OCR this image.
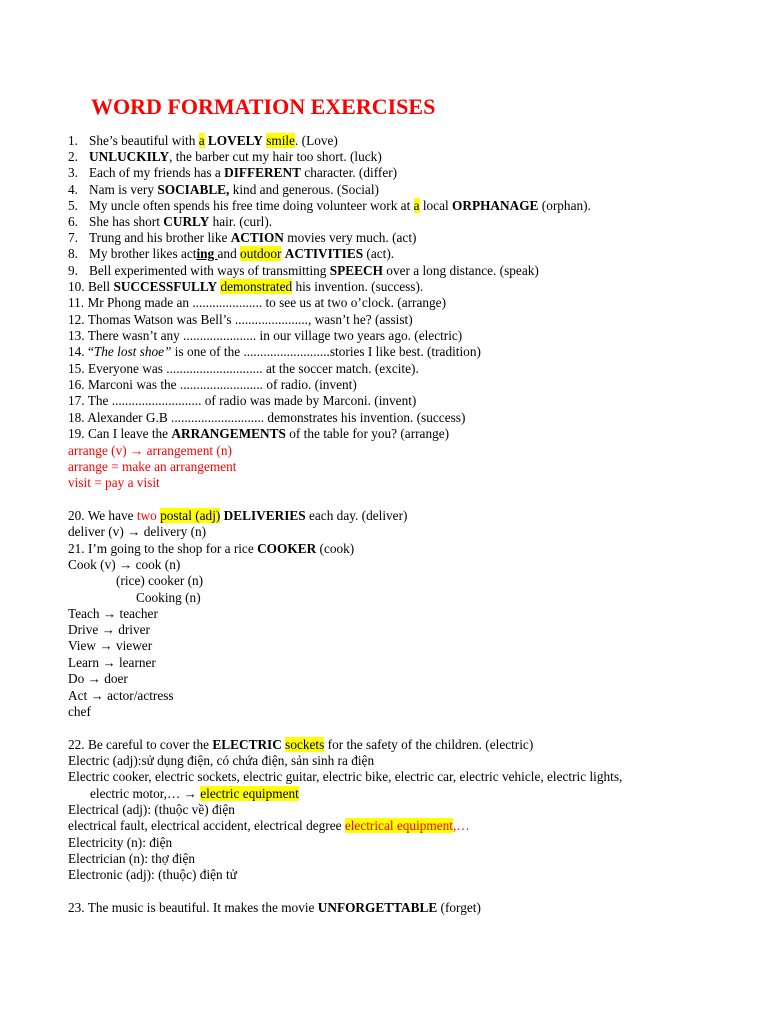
WORD FORMATION EXERCISES
1. She’s beautiful with a LOVELY smile. (Love)
2. UNLUCKILY, the barber cut my hair too short. (luck)
3. Each of my friends has a DIFFERENT character. (differ)
4. Nam is very SOCIABLE, kind and generous. (Social)
5. My uncle often spends his free time doing volunteer work at a local ORPHANAGE (orphan).
6. She has short CURLY hair. (curl).
7. Trung and his brother like ACTION movies very much. (act)
8. My brother likes acting and outdoor ACTIVITIES (act).
9. Bell experimented with ways of transmitting SPEECH over a long distance. (speak)
10. Bell SUCCESSFULLY demonstrated his invention. (success).
11. Mr Phong made an ..................... to see us at two o’clock. (arrange)
12. Thomas Watson was Bell’s ......................, wasn’t he? (assist)
13. There wasn’t any ...................... in our village two years ago. (electric)
14. “The lost shoe” is one of the ..........................stories I like best. (tradition)
15. Everyone was ............................. at the soccer match. (excite).
16. Marconi was the ......................... of radio. (invent)
17. The ........................... of radio was made by Marconi. (invent)
18. Alexander G.B ............................ demonstrates his invention. (success)
19. Can I leave the ARRANGEMENTS of the table for you? (arrange)
arrange (v) → arrangement (n)
arrange = make an arrangement
visit = pay a visit
20. We have two postal (adj) DELIVERIES each day. (deliver)
deliver (v) → delivery (n)
21. I’m going to the shop for a rice COOKER (cook)
Cook (v) → cook (n)
(rice) cooker (n)
Cooking (n)
Teach → teacher
Drive → driver
View → viewer
Learn → learner
Do → doer
Act → actor/actress
chef
22. Be careful to cover the ELECTRIC sockets for the safety of the children. (electric)
Electric (adj):sử dụng điện, có chứa điện, sản sinh ra điện
Electric cooker, electric sockets, electric guitar, electric bike, electric car, electric vehicle, electric lights,
electric motor,… → electric equipment
Electrical (adj): (thuộc về) điện
electrical fault, electrical accident, electrical degree electrical equipment,…
Electricity (n): điện
Electrician (n): thợ điện
Electronic (adj): (thuộc) điện tử
23. The music is beautiful. It makes the movie UNFORGETTABLE (forget)
